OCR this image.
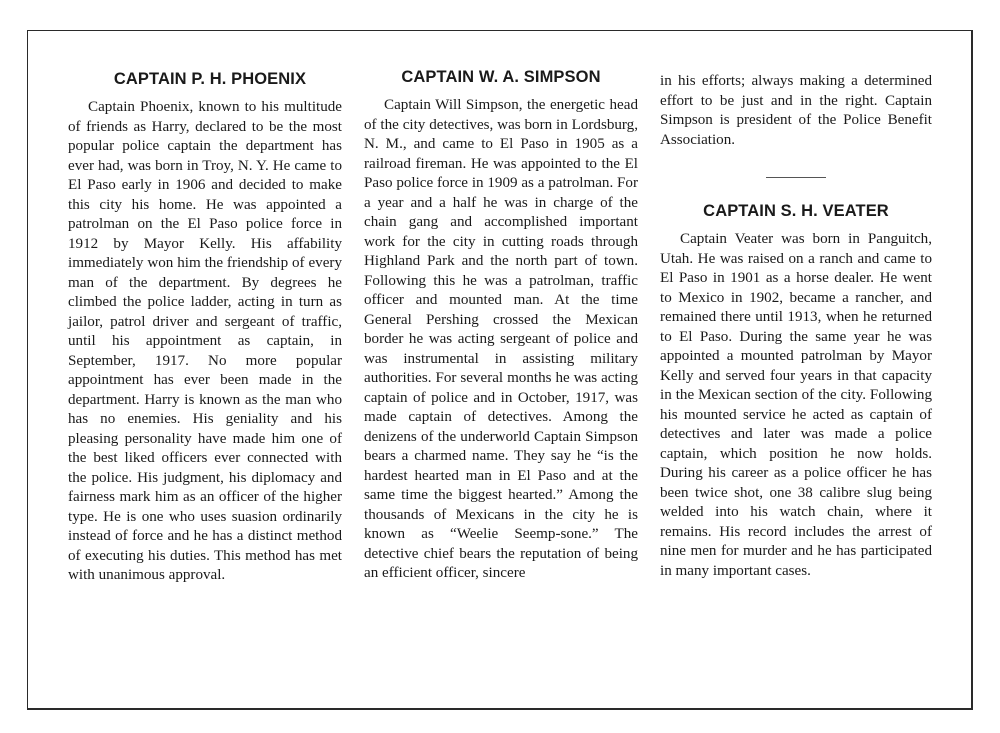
CAPTAIN P. H. PHOENIX

Captain Phoenix, known to his multitude of friends as Harry, declared to be the most popular police captain the department has ever had, was born in Troy, N. Y. He came to El Paso early in 1906 and decided to make this city his home. He was appointed a patrolman on the El Paso police force in 1912 by Mayor Kelly. His affability immediately won him the friendship of every man of the department. By degrees he climbed the police ladder, acting in turn as jailor, patrol driver and sergeant of traffic, until his appointment as captain, in September, 1917. No more popular appointment has ever been made in the department. Harry is known as the man who has no enemies. His geniality and his pleasing personality have made him one of the best liked officers ever connected with the police. His judgment, his diplomacy and fairness mark him as an officer of the higher type. He is one who uses suasion ordinarily instead of force and he has a distinct method of executing his duties. This method has met with unanimous approval.

CAPTAIN W. A. SIMPSON

Captain Will Simpson, the energetic head of the city detectives, was born in Lordsburg, N. M., and came to El Paso in 1905 as a railroad fireman. He was appointed to the El Paso police force in 1909 as a patrolman. For a year and a half he was in charge of the chain gang and accomplished important work for the city in cutting roads through Highland Park and the north part of town. Following this he was a patrolman, traffic officer and mounted man. At the time General Pershing crossed the Mexican border he was acting sergeant of police and was instrumental in assisting military authorities. For several months he was acting captain of police and in October, 1917, was made captain of detectives. Among the denizens of the underworld Captain Simpson bears a charmed name. They say he “is the hardest hearted man in El Paso and at the same time the biggest hearted.” Among the thousands of Mexicans in the city he is known as “Weelie Seemp-sone.” The detective chief bears the reputation of being an efficient officer, sincere

in his efforts; always making a determined effort to be just and in the right. Captain Simpson is president of the Police Benefit Association.

CAPTAIN S. H. VEATER

Captain Veater was born in Panguitch, Utah. He was raised on a ranch and came to El Paso in 1901 as a horse dealer. He went to Mexico in 1902, became a rancher, and remained there until 1913, when he returned to El Paso. During the same year he was appointed a mounted patrolman by Mayor Kelly and served four years in that capacity in the Mexican section of the city. Following his mounted service he acted as captain of detectives and later was made a police captain, which position he now holds. During his career as a police officer he has been twice shot, one 38 calibre slug being welded into his watch chain, where it remains. His record includes the arrest of nine men for murder and he has participated in many important cases.
